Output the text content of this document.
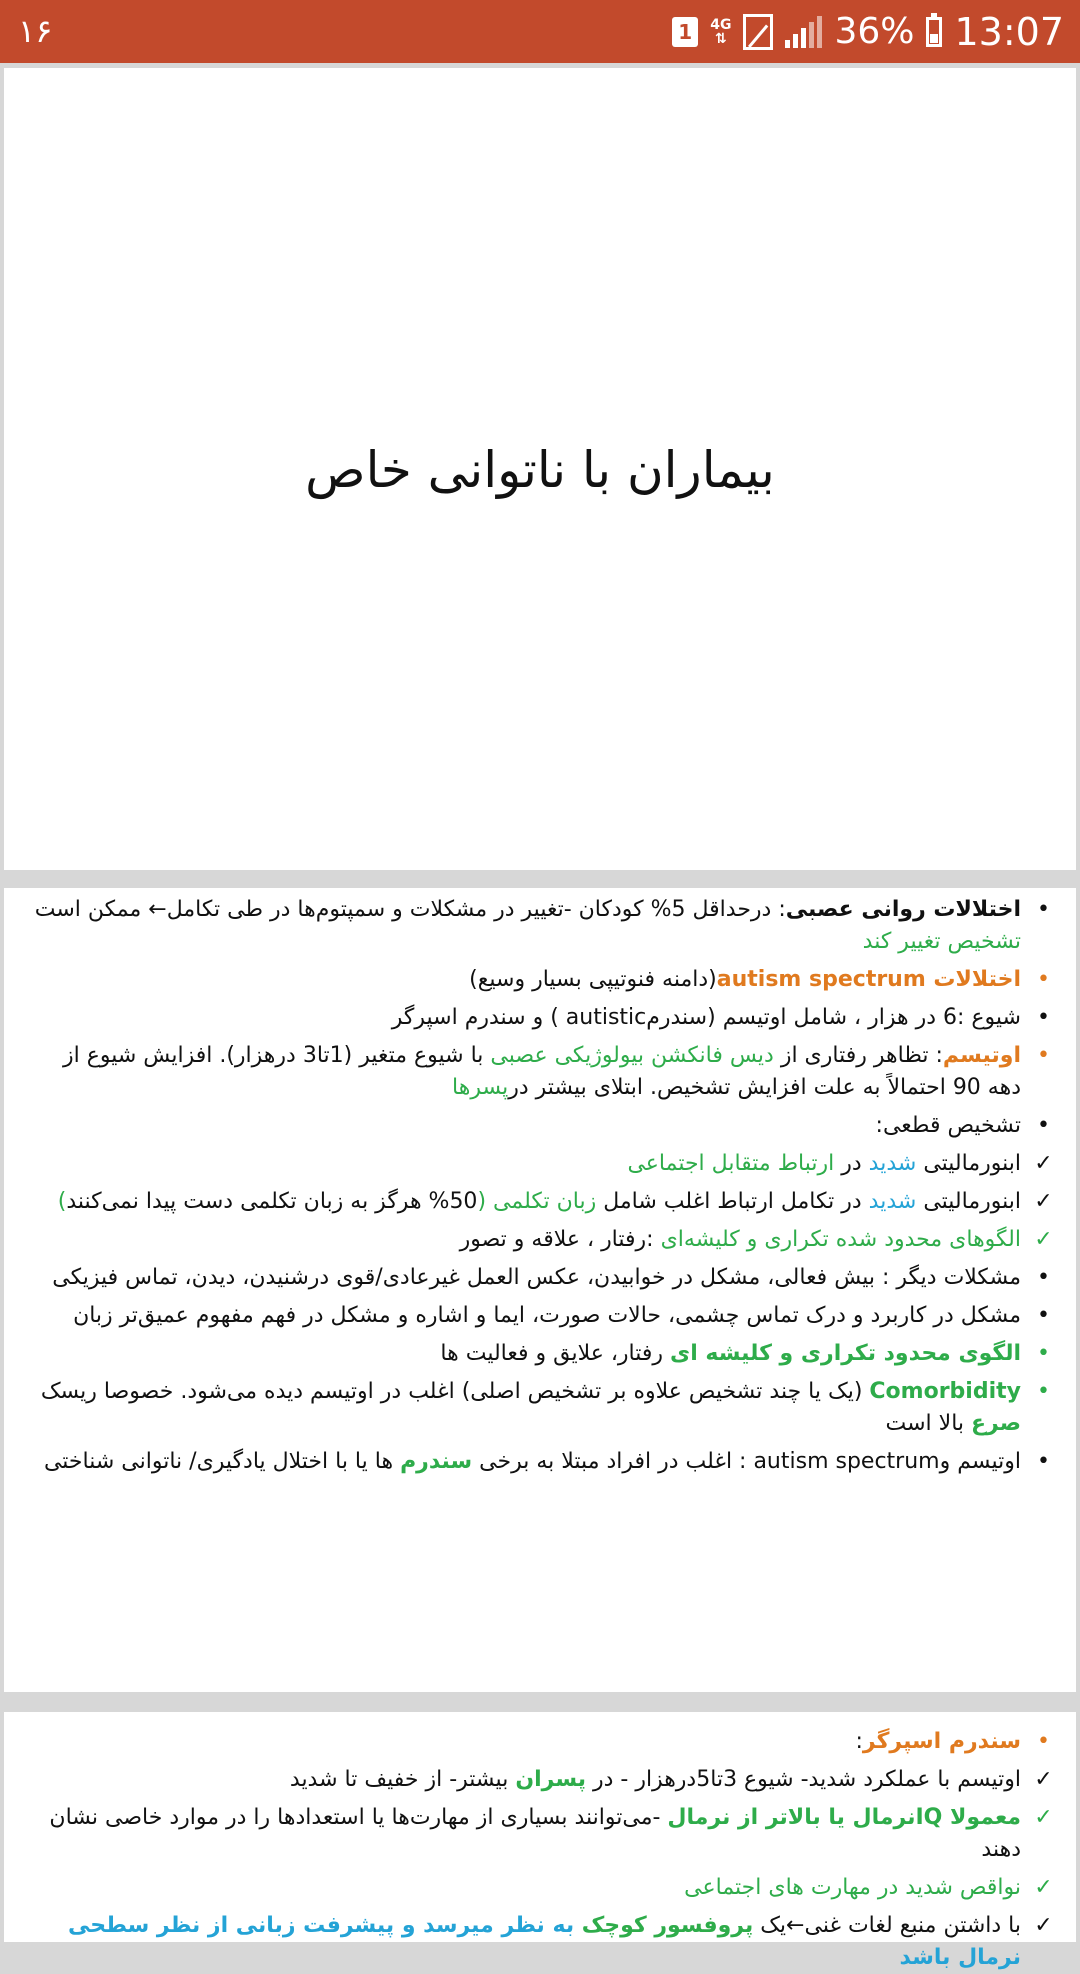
۱۶	1	4G
⇅	36% 13:07
بیماران با ناتوانی خاص
• اختلالات روانی عصبی: درحداقل 5% کودکان -تغییر در مشکلات و سمپتوم‌ها در طی تکامل← ممکن است تشخیص تغییر کند
• اختلالات autism spectrum(دامنه فنوتیپی بسیار وسیع)
• شیوع :6 در هزار ، شامل اوتیسم (سندرمautistic ) و سندرم اسپرگر
• اوتیسم: تظاهر رفتاری از دیس فانکشن بیولوژیکی عصبی با شیوع متغیر (1تا3 درهزار). افزایش شیوع از دهه 90 احتمالاً به علت افزایش تشخیص. ابتلای بیشتر درپسرها
• تشخیص قطعی:
✓ ابنورمالیتی شدید در ارتباط متقابل اجتماعی
✓ ابنورمالیتی شدید در تکامل ارتباط اغلب شامل زبان تکلمی (50% هرگز به زبان تکلمی دست پیدا نمی‌کنند)
✓ الگوهای محدود شده تکراری و کلیشه‌ای :رفتار ، علاقه و تصور
• مشکلات دیگر : بیش فعالی، مشکل در خوابیدن، عکس العمل غیرعادی/قوی درشنیدن، دیدن، تماس فیزیکی
• مشکل در کاربرد و درک تماس چشمی، حالات صورت، ایما و اشاره و مشکل در فهم مفهوم عمیق‌تر زبان
• الگوی محدود تکراری و کلیشه ای رفتار، علایق و فعالیت ها
• Comorbidity (یک یا چند تشخیص علاوه بر تشخیص اصلی) اغلب در اوتیسم دیده می‌شود. خصوصا ریسک صرع بالا است
• اوتیسم وautism spectrum : اغلب در افراد مبتلا به برخی سندرم ها یا با اختلال یادگیری/ ناتوانی شناختی
• سندرم اسپرگر:
✓ اوتیسم با عملکرد شدید- شیوع 3تا5درهزار - در پسران بیشتر- از خفیف تا شدید
✓ معمولا IQنرمال یا بالاتر از نرمال -می‌توانند بسیاری از مهارت‌ها یا استعدادها را در موارد خاصی نشان دهند
✓ نواقص شدید در مهارت های اجتماعی
✓ با داشتن منبع لغات غنی←یک پروفسور کوچک به نظر میرسد و پیشرفت زبانی از نظر سطحی نرمال باشد
